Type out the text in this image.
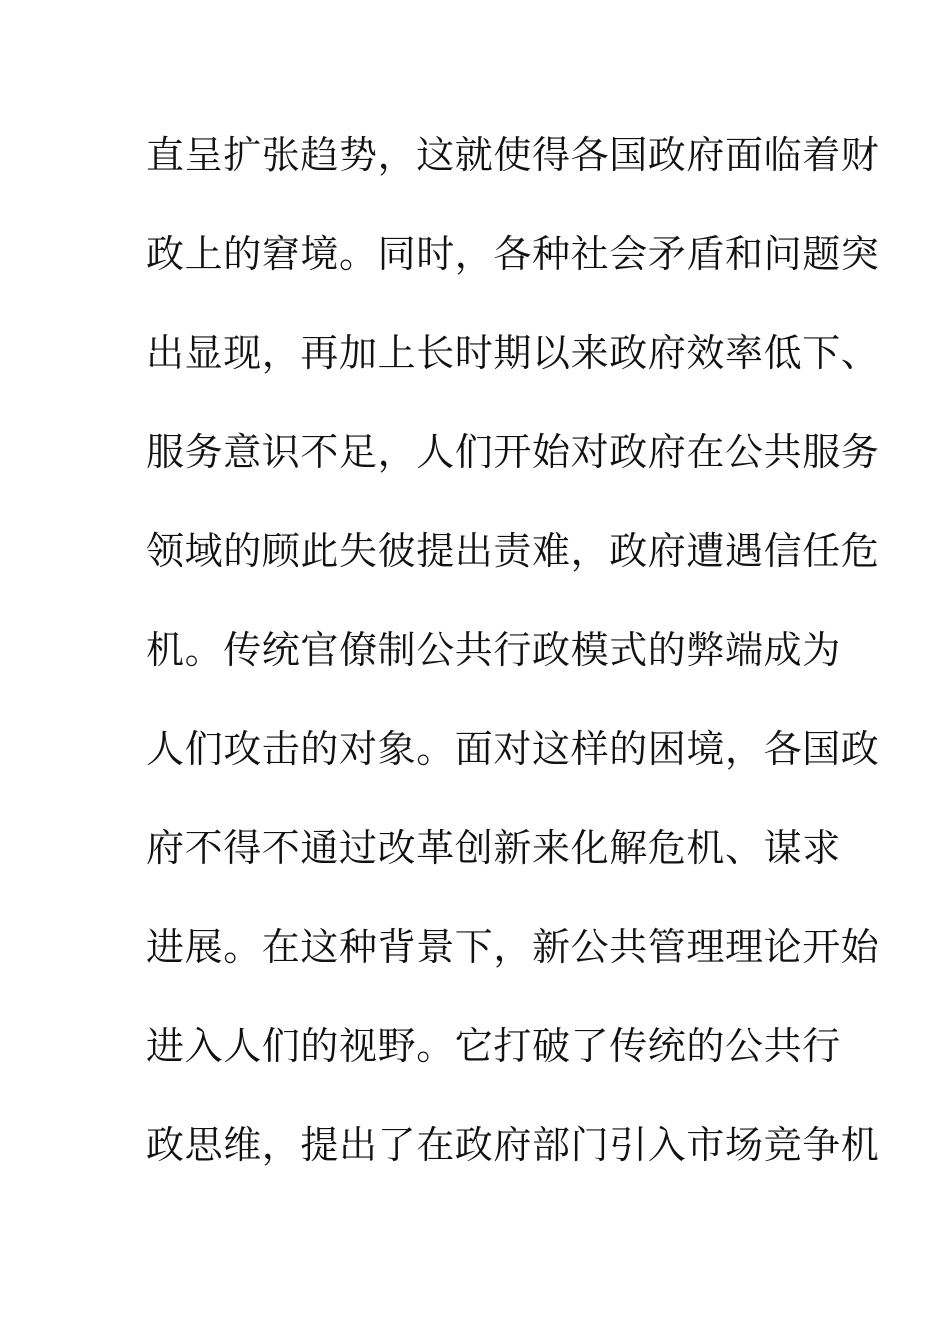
直呈扩张趋势，这就使得各国政府面临着财
政上的窘境。同时，各种社会矛盾和问题突
出显现，再加上长时期以来政府效率低下、
服务意识不足，人们开始对政府在公共服务
领域的顾此失彼提出责难，政府遭遇信任危
机。传统官僚制公共行政模式的弊端成为
人们攻击的对象。面对这样的困境，各国政
府不得不通过改革创新来化解危机、谋求
进展。在这种背景下，新公共管理理论开始
进入人们的视野。它打破了传统的公共行
政思维，提出了在政府部门引入市场竞争机
